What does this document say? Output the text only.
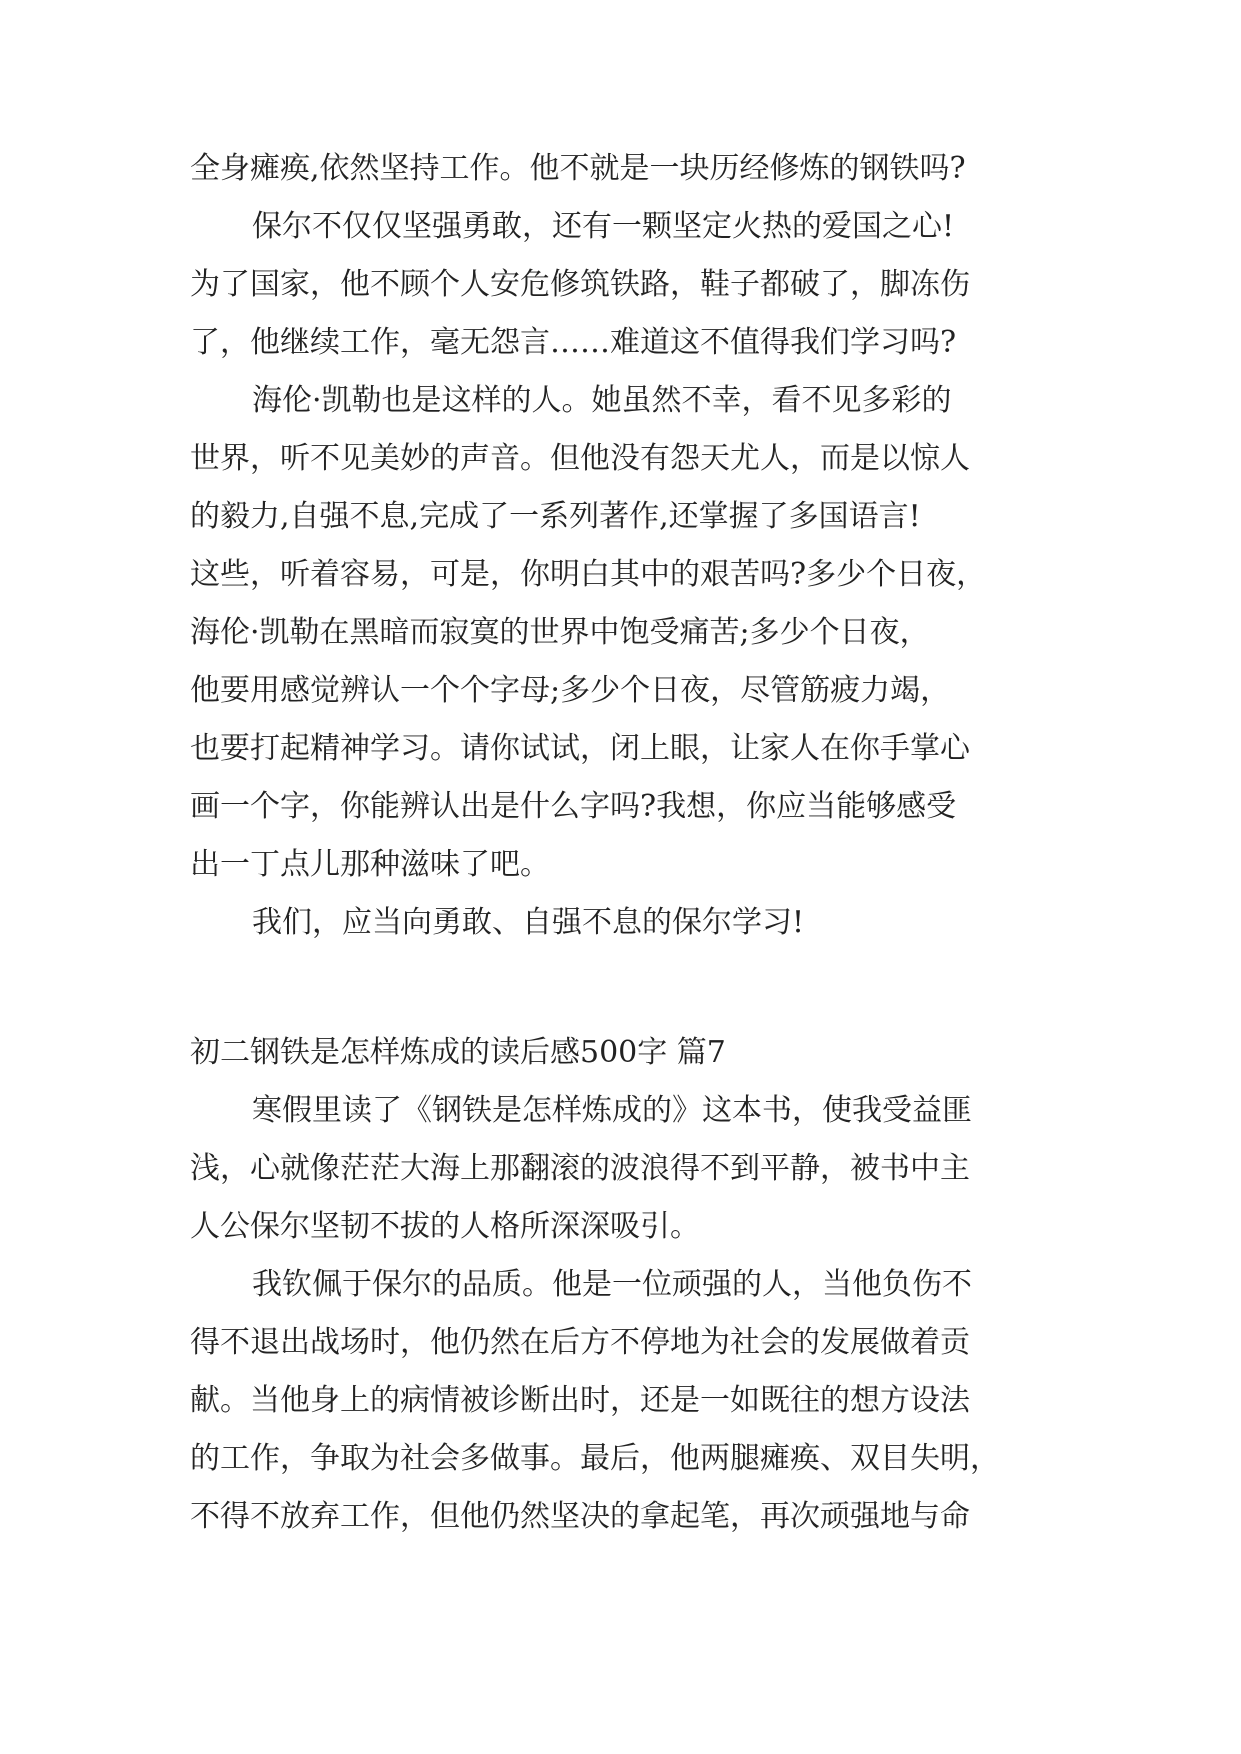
全身瘫痪,依然坚持工作。他不就是一块历经修炼的钢铁吗?
保尔不仅仅坚强勇敢，还有一颗坚定火热的爱国之心!
为了国家，他不顾个人安危修筑铁路，鞋子都破了，脚冻伤
了，他继续工作，毫无怨言……难道这不值得我们学习吗?
海伦·凯勒也是这样的人。她虽然不幸，看不见多彩的
世界，听不见美妙的声音。但他没有怨天尤人，而是以惊人
的毅力,自强不息,完成了一系列著作,还掌握了多国语言!
这些，听着容易，可是，你明白其中的艰苦吗?多少个日夜，
海伦·凯勒在黑暗而寂寞的世界中饱受痛苦;多少个日夜，
他要用感觉辨认一个个字母;多少个日夜，尽管筋疲力竭，
也要打起精神学习。请你试试，闭上眼，让家人在你手掌心
画一个字，你能辨认出是什么字吗?我想，你应当能够感受
出一丁点儿那种滋味了吧。
我们，应当向勇敢、自强不息的保尔学习!
初二钢铁是怎样炼成的读后感500字 篇7
寒假里读了《钢铁是怎样炼成的》这本书，使我受益匪
浅，心就像茫茫大海上那翻滚的波浪得不到平静，被书中主
人公保尔坚韧不拔的人格所深深吸引。
我钦佩于保尔的品质。他是一位顽强的人，当他负伤不
得不退出战场时，他仍然在后方不停地为社会的发展做着贡
献。当他身上的病情被诊断出时，还是一如既往的想方设法
的工作，争取为社会多做事。最后，他两腿瘫痪、双目失明，
不得不放弃工作，但他仍然坚决的拿起笔，再次顽强地与命
